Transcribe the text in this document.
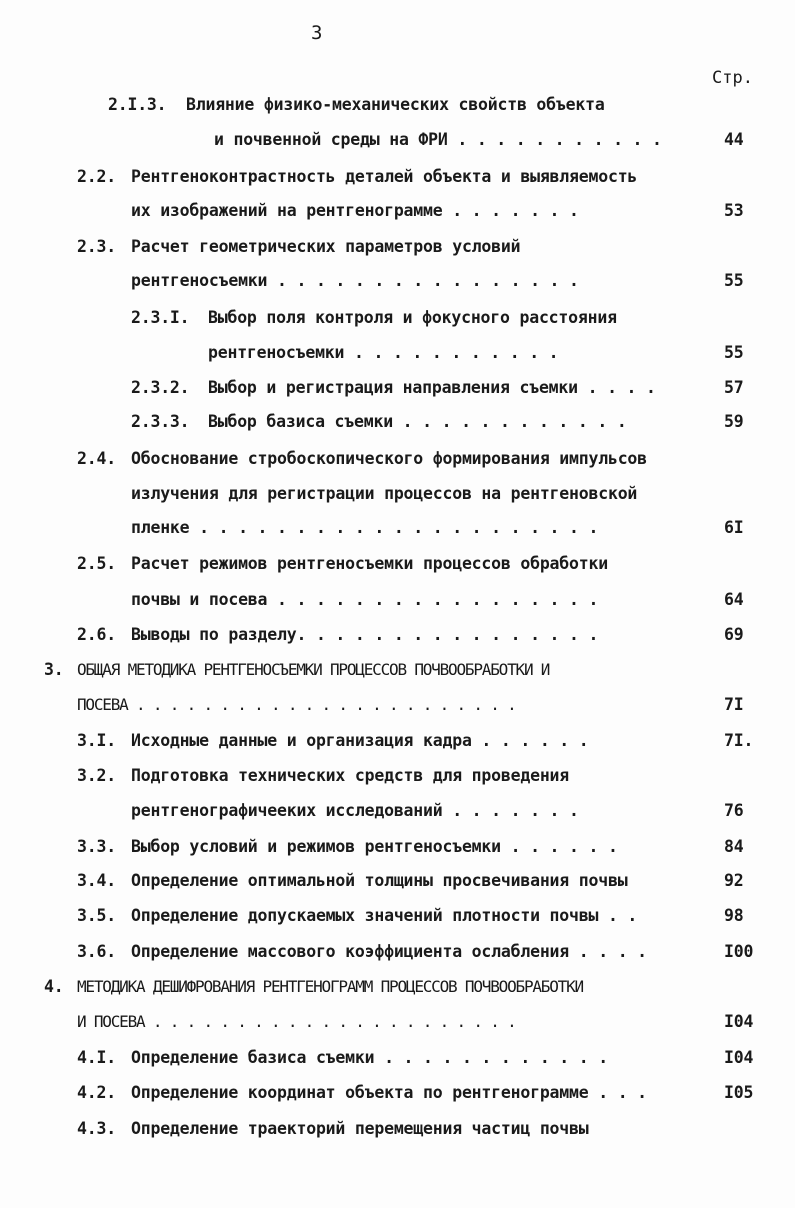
3
Стр.
2.I.3. Влияние физико-механических свойств объекта
и почвенной среды на ФРИ . . . . . . . . . . .	44
2.2. Рентгеноконтрастность деталей объекта и выявляемость
их изображений на рентгенограмме . . . . . . .	53
2.3. Расчет геометрических параметров условий
рентгеносъемки . . . . . . . . . . . . . . . .	55
2.3.I. Выбор поля контроля и фокусного расстояния
рентгеносъемки . . . . . . . . . . .	55
2.3.2. Выбор и регистрация направления съемки . . . .	57
2.3.3. Выбор базиса съемки . . . . . . . . . . . .	59
2.4. Обоснование стробоскопического формирования импульсов
излучения для регистрации процессов на рентгеновской
пленке . . . . . . . . . . . . . . . . . . . . .	6I
2.5. Расчет режимов рентгеносъемки процессов обработки
почвы и посева . . . . . . . . . . . . . . . . .	64
2.6. Выводы по разделу. . . . . . . . . . . . . . . .	69
3. ОБЩАЯ МЕТОДИКА РЕНТГЕНОСЪЕМКИ ПРОЦЕССОВ ПОЧВООБРАБОТКИ И
ПОСЕВА . . . . . . . . . . . . . . . . . . . . . . .	7I
3.I. Исходные данные и организация кадра . . . . . .	7I.
3.2. Подготовка технических средств для проведения
рентгенографичееких исследований . . . . . . .	76
3.3. Выбор условий и режимов рентгеносъемки . . . . . .	84
3.4. Определение оптимальной толщины просвечивания почвы	92
3.5. Определение допускаемых значений плотности почвы . .	98
3.6. Определение массового коэффициента ослабления . . . .	I00
4. МЕТОДИКА ДЕШИФРОВАНИЯ РЕНТГЕНОГРАММ ПРОЦЕССОВ ПОЧВООБРАБОТКИ
И ПОСЕВА . . . . . . . . . . . . . . . . . . . . . .	I04
4.I. Определение базиса съемки . . . . . . . . . . . .	I04
4.2. Определение координат объекта по рентгенограмме . . .	I05
4.3. Определение траекторий перемещения частиц почвы
